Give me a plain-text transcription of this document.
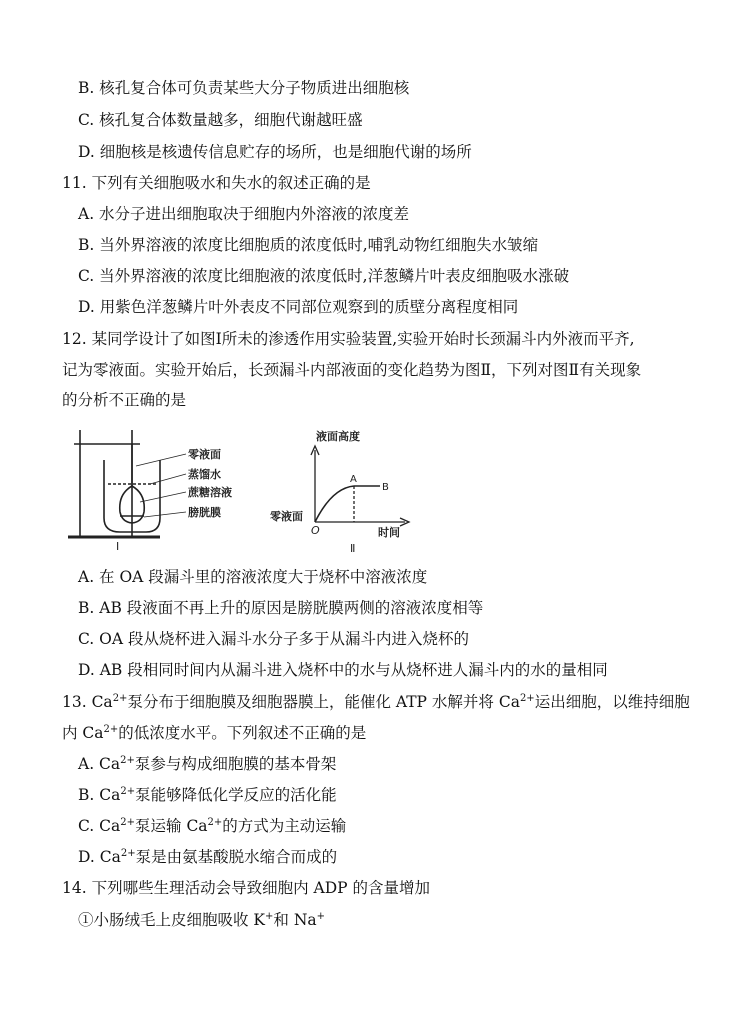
B. 核孔复合体可负责某些大分子物质进出细胞核
C. 核孔复合体数量越多，细胞代谢越旺盛
D. 细胞核是核遗传信息贮存的场所，也是细胞代谢的场所
11. 下列有关细胞吸水和失水的叙述正确的是
A. 水分子进出细胞取决于细胞内外溶液的浓度差
B. 当外界溶液的浓度比细胞质的浓度低时,哺乳动物红细胞失水皱缩
C. 当外界溶液的浓度比细胞液的浓度低时,洋葱鳞片叶表皮细胞吸水涨破
D. 用紫色洋葱鳞片叶外表皮不同部位观察到的质壁分离程度相同
12. 某同学设计了如图Ⅰ所未的渗透作用实验装置,实验开始时长颈漏斗内外液而平齐,
记为零液面。实验开始后，长颈漏斗内部液面的变化趋势为图Ⅱ，下列对图Ⅱ有关现象
的分析不正确的是
零液面
蒸馏水
蔗糖溶液
膀胱膜
Ⅰ
液面高度
时间
零液面
O
A
B
Ⅱ
A. 在 OA 段漏斗里的溶液浓度大于烧杯中溶液浓度
B. AB 段液面不再上升的原因是膀胱膜两侧的溶液浓度相等
C. OA 段从烧杯进入漏斗水分子多于从漏斗内进入烧杯的
D. AB 段相同时间内从漏斗进入烧杯中的水与从烧杯进人漏斗内的水的量相同
13. $Ca^{2+}$泵分布于细胞膜及细胞器膜上，能催化 ATP 水解并将 $Ca^{2+}$运出细胞，以维持细胞
内 $Ca^{2+}$的低浓度水平。下列叙述不正确的是
A. $Ca^{2+}$泵参与构成细胞膜的基本骨架
B. $Ca^{2+}$泵能够降低化学反应的活化能
C. $Ca^{2+}$泵运输 $Ca^{2+}$的方式为主动运输
D. $Ca^{2+}$泵是由氨基酸脱水缩合而成的
14. 下列哪些生理活动会导致细胞内 ADP 的含量增加
①小肠绒毛上皮细胞吸收 K+和 Na+
